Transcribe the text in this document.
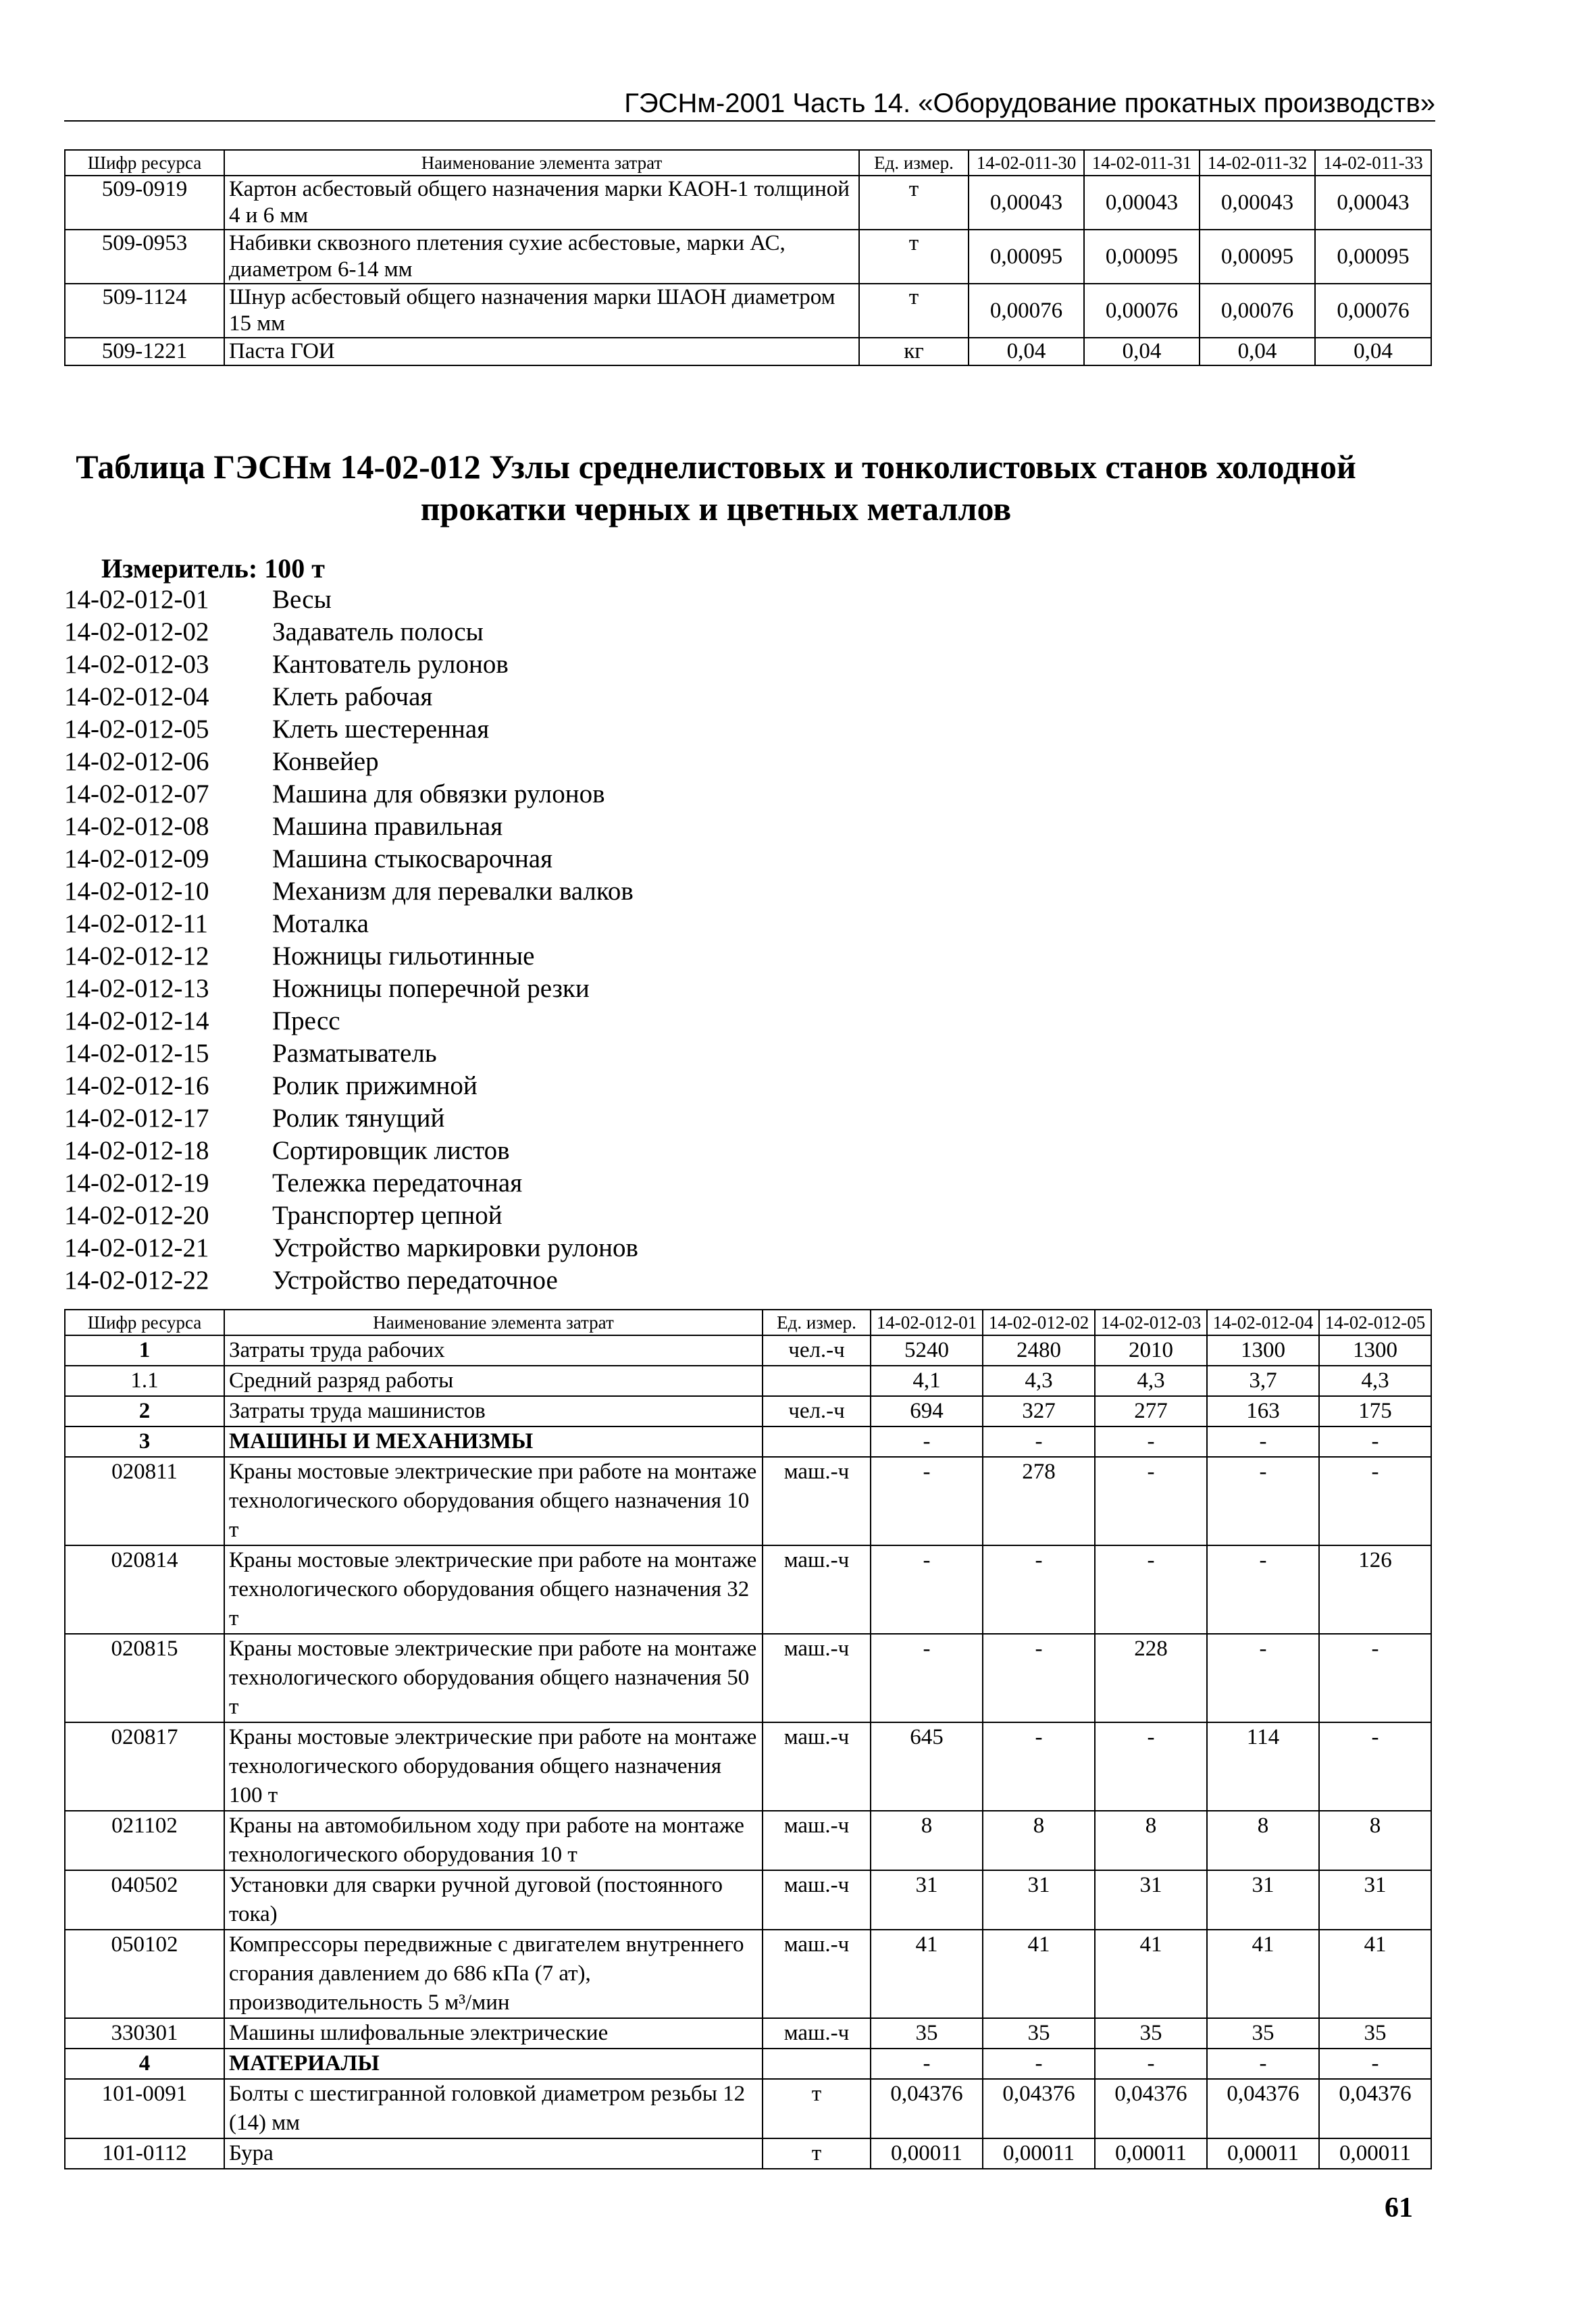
ГЭСНм-2001 Часть 14. «Оборудование прокатных производств»
Шифр ресурса	Наименование элемента затрат	Ед. измер.	14-02-011-30	14-02-011-31	14-02-011-32	14-02-011-33
509-0919	Картон асбестовый общего назначения марки КАОН-1 толщиной 4 и 6 мм	т	0,00043	0,00043	0,00043	0,00043
509-0953	Набивки сквозного плетения сухие асбестовые, марки АС, диаметром 6-14 мм	т	0,00095	0,00095	0,00095	0,00095
509-1124	Шнур асбестовый общего назначения марки ШАОН диаметром 15 мм	т	0,00076	0,00076	0,00076	0,00076
509-1221	Паста ГОИ	кг	0,04	0,04	0,04	0,04
Таблица ГЭСНм 14-02-012 Узлы среднелистовых и тонколистовых станов холодной прокатки черных и цветных металлов
Измеритель: 100 т
14-02-012-01	Весы
14-02-012-02	Задаватель полосы
14-02-012-03	Кантователь рулонов
14-02-012-04	Клеть рабочая
14-02-012-05	Клеть шестеренная
14-02-012-06	Конвейер
14-02-012-07	Машина для обвязки рулонов
14-02-012-08	Машина правильная
14-02-012-09	Машина стыкосварочная
14-02-012-10	Механизм для перевалки валков
14-02-012-11	Моталка
14-02-012-12	Ножницы гильотинные
14-02-012-13	Ножницы поперечной резки
14-02-012-14	Пресс
14-02-012-15	Разматыватель
14-02-012-16	Ролик прижимной
14-02-012-17	Ролик тянущий
14-02-012-18	Сортировщик листов
14-02-012-19	Тележка передаточная
14-02-012-20	Транспортер цепной
14-02-012-21	Устройство маркировки рулонов
14-02-012-22	Устройство передаточное
Шифр ресурса	Наименование элемента затрат	Ед. измер.	14-02-012-01	14-02-012-02	14-02-012-03	14-02-012-04	14-02-012-05
1	Затраты труда рабочих	чел.-ч	5240	2480	2010	1300	1300
1.1	Средний разряд работы		4,1	4,3	4,3	3,7	4,3
2	Затраты труда машинистов	чел.-ч	694	327	277	163	175
3	МАШИНЫ И МЕХАНИЗМЫ		-	-	-	-	-
020811	Краны мостовые электрические при работе на монтаже технологического оборудования общего назначения 10 т	маш.-ч	-	278	-	-	-
020814	Краны мостовые электрические при работе на монтаже технологического оборудования общего назначения 32 т	маш.-ч	-	-	-	-	126
020815	Краны мостовые электрические при работе на монтаже технологического оборудования общего назначения 50 т	маш.-ч	-	-	228	-	-
020817	Краны мостовые электрические при работе на монтаже технологического оборудования общего назначения 100 т	маш.-ч	645	-	-	114	-
021102	Краны на автомобильном ходу при работе на монтаже технологического оборудования 10 т	маш.-ч	8	8	8	8	8
040502	Установки для сварки ручной дуговой (постоянного тока)	маш.-ч	31	31	31	31	31
050102	Компрессоры передвижные с двигателем внутреннего сгорания давлением до 686 кПа (7 ат), производительность 5 м³/мин	маш.-ч	41	41	41	41	41
330301	Машины шлифовальные электрические	маш.-ч	35	35	35	35	35
4	МАТЕРИАЛЫ		-	-	-	-	-
101-0091	Болты с шестигранной головкой диаметром резьбы 12 (14) мм	т	0,04376	0,04376	0,04376	0,04376	0,04376
101-0112	Бура	т	0,00011	0,00011	0,00011	0,00011	0,00011
61
